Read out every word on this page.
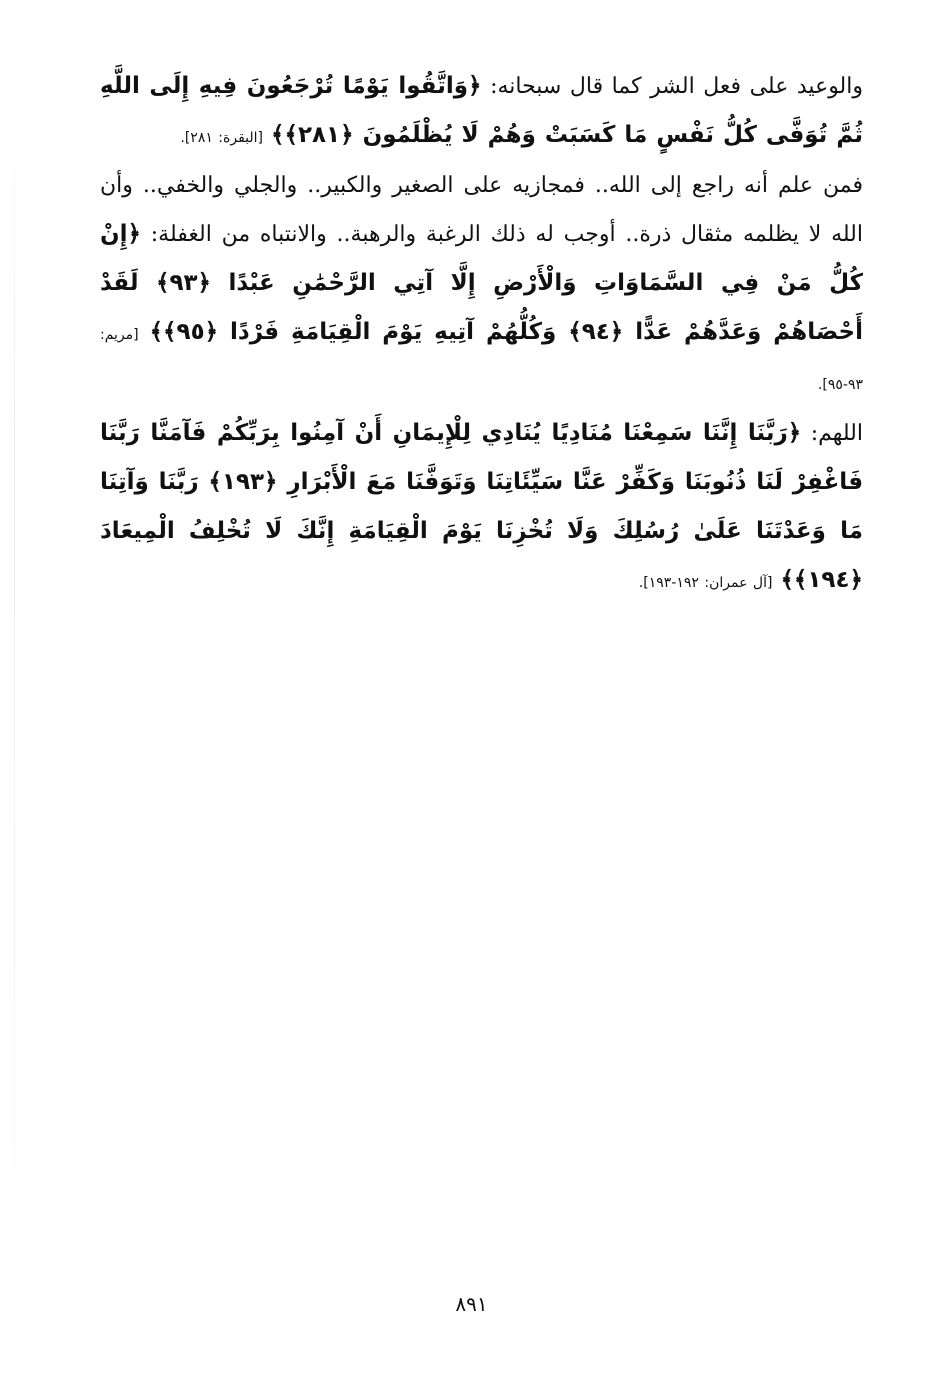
والوعيد على فعل الشر كما قال سبحانه: ﴿وَاتَّقُوا يَوْمًا تُرْجَعُونَ فِيهِ إِلَى اللَّهِ ثُمَّ تُوَفَّى كُلُّ نَفْسٍ مَا كَسَبَتْ وَهُمْ لَا يُظْلَمُونَ ﴿٢٨١﴾﴾ [البقرة: ٢٨١].

فمن علم أنه راجع إلى الله.. فمجازيه على الصغير والكبير.. والجلي والخفي.. وأن الله لا يظلمه مثقال ذرة.. أوجب له ذلك الرغبة والرهبة.. والانتباه من الغفلة: ﴿إِنْ كُلُّ مَنْ فِي السَّمَاوَاتِ وَالْأَرْضِ إِلَّا آتِي الرَّحْمَٰنِ عَبْدًا ﴿٩٣﴾ لَقَدْ أَحْصَاهُمْ وَعَدَّهُمْ عَدًّا ﴿٩٤﴾ وَكُلُّهُمْ آتِيهِ يَوْمَ الْقِيَامَةِ فَرْدًا ﴿٩٥﴾﴾ [مريم: ٩٣-٩٥].

اللهم: ﴿رَبَّنَا إِنَّنَا سَمِعْنَا مُنَادِيًا يُنَادِي لِلْإِيمَانِ أَنْ آمِنُوا بِرَبِّكُمْ فَآمَنَّا رَبَّنَا فَاغْفِرْ لَنَا ذُنُوبَنَا وَكَفِّرْ عَنَّا سَيِّئَاتِنَا وَتَوَفَّنَا مَعَ الْأَبْرَارِ ﴿١٩٣﴾ رَبَّنَا وَآتِنَا مَا وَعَدْتَنَا عَلَىٰ رُسُلِكَ وَلَا تُخْزِنَا يَوْمَ الْقِيَامَةِ إِنَّكَ لَا تُخْلِفُ الْمِيعَادَ ﴿١٩٤﴾﴾ [آل عمران: ١٩٢-١٩٣].

٨٩١
